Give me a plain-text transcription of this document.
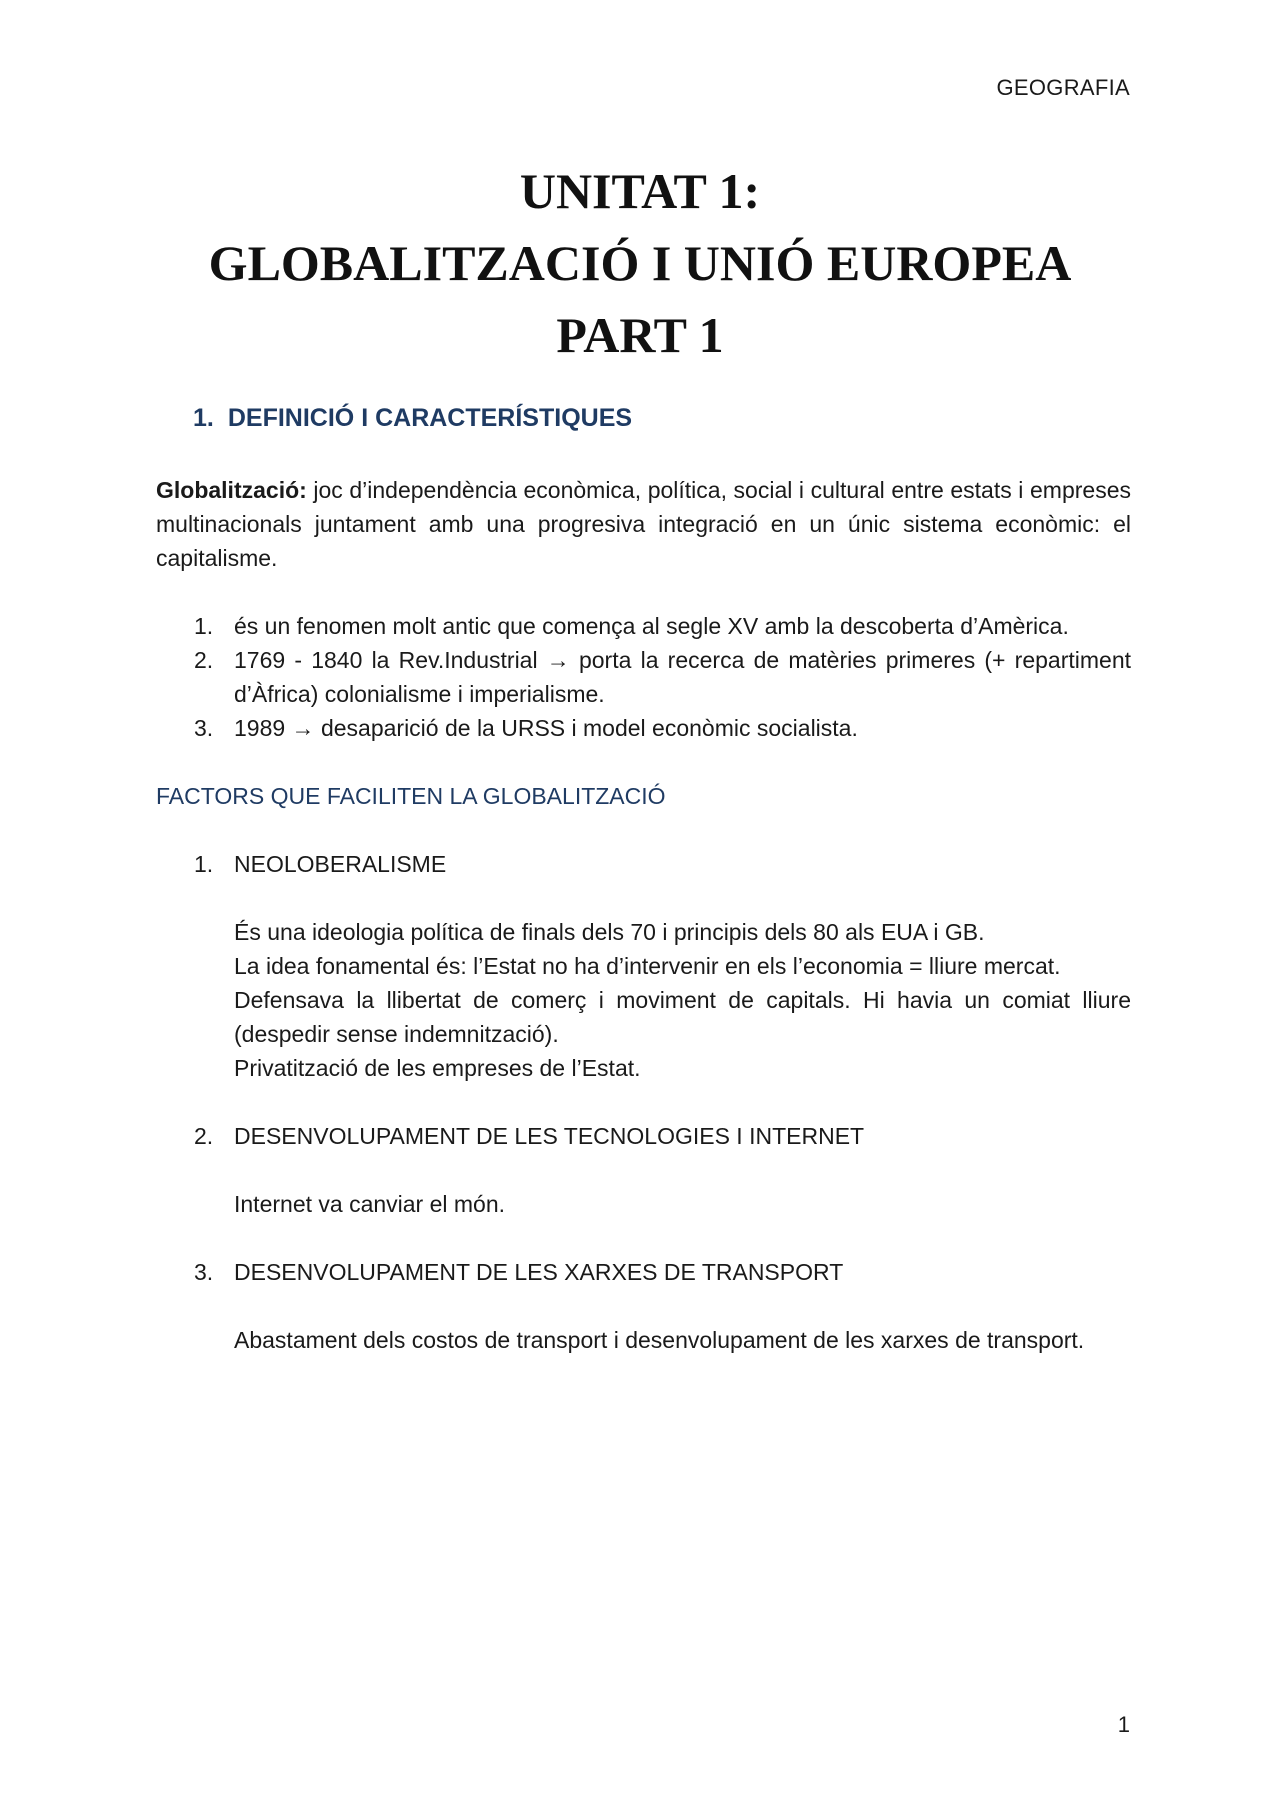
GEOGRAFIA
UNITAT 1:
GLOBALITZACIÓ I UNIÓ EUROPEA
PART 1
1. DEFINICIÓ I CARACTERÍSTIQUES

Globalització: joc d’independència econòmica, política, social i cultural entre estats i empreses multinacionals juntament amb una progresiva integració en un únic sistema econòmic: el capitalisme.

1. és un fenomen molt antic que comença al segle XV amb la descoberta d’Amèrica.
2. 1769 - 1840 la Rev.Industrial → porta la recerca de matèries primeres (+ repartiment d’Àfrica) colonialisme i imperialisme.
3. 1989 → desaparició de la URSS i model econòmic socialista.
FACTORS QUE FACILITEN LA GLOBALITZACIÓ
1. NEOLOBERALISME

És una ideologia política de finals dels 70 i principis dels 80 als EUA i GB.

La idea fonamental és: l’Estat no ha d’intervenir en els l’economia = lliure mercat.

Defensava la llibertat de comerç i moviment de capitals. Hi havia un comiat lliure (despedir sense indemnització).

Privatització de les empreses de l’Estat.

2. DESENVOLUPAMENT DE LES TECNOLOGIES I INTERNET

Internet va canviar el món.

3. DESENVOLUPAMENT DE LES XARXES DE TRANSPORT

Abastament dels costos de transport i desenvolupament de les xarxes de transport.

1
